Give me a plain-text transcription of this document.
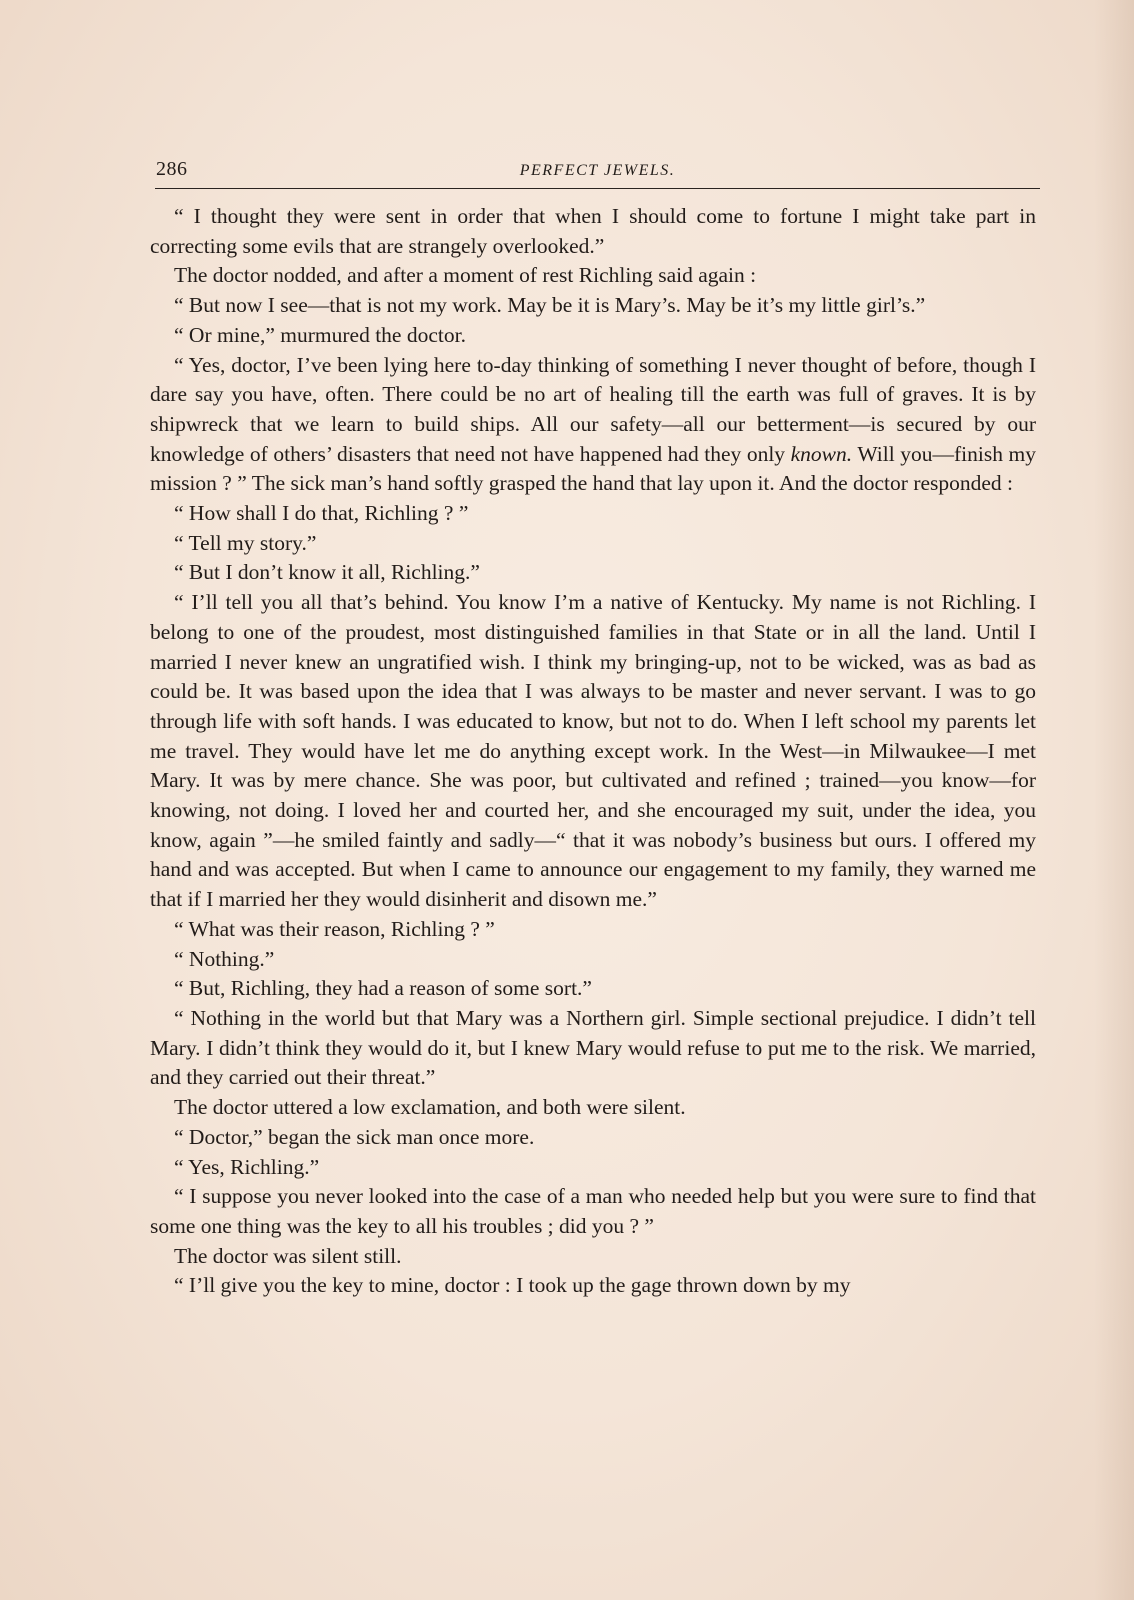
286	PERFECT JEWELS.

“ I thought they were sent in order that when I should come to fortune I might take part in correcting some evils that are strangely overlooked.”

The doctor nodded, and after a moment of rest Richling said again :

“ But now I see—that is not my work. May be it is Mary’s. May be it’s my little girl’s.”

“ Or mine,” murmured the doctor.

“ Yes, doctor, I’ve been lying here to-day thinking of something I never thought of before, though I dare say you have, often. There could be no art of healing till the earth was full of graves. It is by shipwreck that we learn to build ships. All our safety—all our betterment—is secured by our knowledge of others’ disasters that need not have happened had they only known. Will you—finish my mission ? ” The sick man’s hand softly grasped the hand that lay upon it. And the doctor responded :

“ How shall I do that, Richling ? ”

“ Tell my story.”

“ But I don’t know it all, Richling.”

“ I’ll tell you all that’s behind. You know I’m a native of Kentucky. My name is not Richling. I belong to one of the proudest, most distinguished families in that State or in all the land. Until I married I never knew an ungratified wish. I think my bringing-up, not to be wicked, was as bad as could be. It was based upon the idea that I was always to be master and never servant. I was to go through life with soft hands. I was educated to know, but not to do. When I left school my parents let me travel. They would have let me do anything except work. In the West—in Milwaukee—I met Mary. It was by mere chance. She was poor, but cultivated and refined ; trained—you know—for knowing, not doing. I loved her and courted her, and she encouraged my suit, under the idea, you know, again ”—he smiled faintly and sadly—“ that it was nobody’s business but ours. I offered my hand and was accepted. But when I came to announce our engagement to my family, they warned me that if I married her they would disinherit and disown me.”

“ What was their reason, Richling ? ”

“ Nothing.”

“ But, Richling, they had a reason of some sort.”

“ Nothing in the world but that Mary was a Northern girl. Simple sectional prejudice. I didn’t tell Mary. I didn’t think they would do it, but I knew Mary would refuse to put me to the risk. We married, and they carried out their threat.”

The doctor uttered a low exclamation, and both were silent.

“ Doctor,” began the sick man once more.

“ Yes, Richling.”

“ I suppose you never looked into the case of a man who needed help but you were sure to find that some one thing was the key to all his troubles ; did you ? ”

The doctor was silent still.

“ I’ll give you the key to mine, doctor : I took up the gage thrown down by my
